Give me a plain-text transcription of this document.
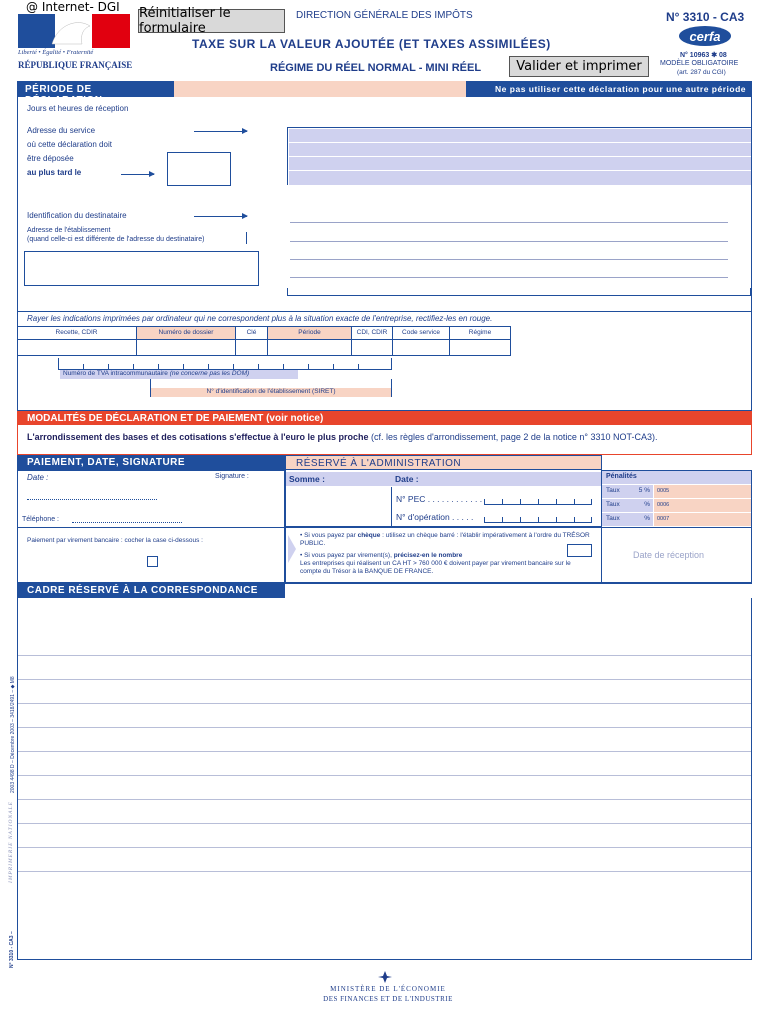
@ Internet- DGI
Liberté • Égalité • Fraternité
RÉPUBLIQUE FRANÇAISE
Réinitialiser le formulaire
DIRECTION GÉNÉRALE DES IMPÔTS
TAXE SUR LA VALEUR AJOUTÉE (ET TAXES ASSIMILÉES)
RÉGIME DU RÉEL NORMAL - MINI RÉEL	Valider et imprimer
N° 3310 - CA3
cerfa
N° 10963 ✱ 08
MODÈLE OBLIGATOIRE
(art. 287 du CGI)
PÉRIODE DE DÉCLARATION
Ne pas utiliser cette déclaration pour une autre période
Jours et heures de réception
Adresse du service
où cette déclaration doit
être déposée
au plus tard le
Identification du destinataire
Adresse de l'établissement
(quand celle-ci est différente de l'adresse du destinataire)
Rayer les indications imprimées par ordinateur qui ne correspondent plus à la situation exacte de l'entreprise, rectifiez-les en rouge.
Recette, CDIR	Numéro de dossier	Clé	Période	CDI, CDIR	Code service	Régime
Numéro de TVA intracommunautaire (ne concerne pas les DOM)
N° d'identification de l'établissement (SIRET)
MODALITÉS DE DÉCLARATION ET DE PAIEMENT (voir notice)
L'arrondissement des bases et des cotisations s'effectue à l'euro le plus proche (cf. les règles d'arrondissement, page 2 de la notice n° 3310 NOT-CA3).
PAIEMENT, DATE, SIGNATURE
Date :	Signature :
Téléphone :
Paiement par virement bancaire : cocher la case ci-dessous :
• Si vous payez par chèque : utilisez un chèque barré : l'établir impérativement à l'ordre du TRÉSOR PUBLIC.
• Si vous payez par virement(s), précisez-en le nombre
Les entreprises qui réalisent un CA HT > 760 000 € doivent payer par virement bancaire sur le compte du Trésor à la BANQUE DE FRANCE.
RÉSERVÉ À L'ADMINISTRATION
Somme :	Date :
N° PEC . . . . . . . . . . . .
N° d'opération . . . . .
Pénalités
Taux	5 %	0005
Taux	%	0006
Taux	%	0007
Date de réception
CADRE RÉSERVÉ À LA CORRESPONDANCE
2003 4498 D – Décembre 2003 – 3418/2491 – ◆ M8
IMPRIMERIE NATIONALE
N° 3310 - CA3 –
MINISTÈRE DE L'ÉCONOMIE
DES FINANCES ET DE L'INDUSTRIE
